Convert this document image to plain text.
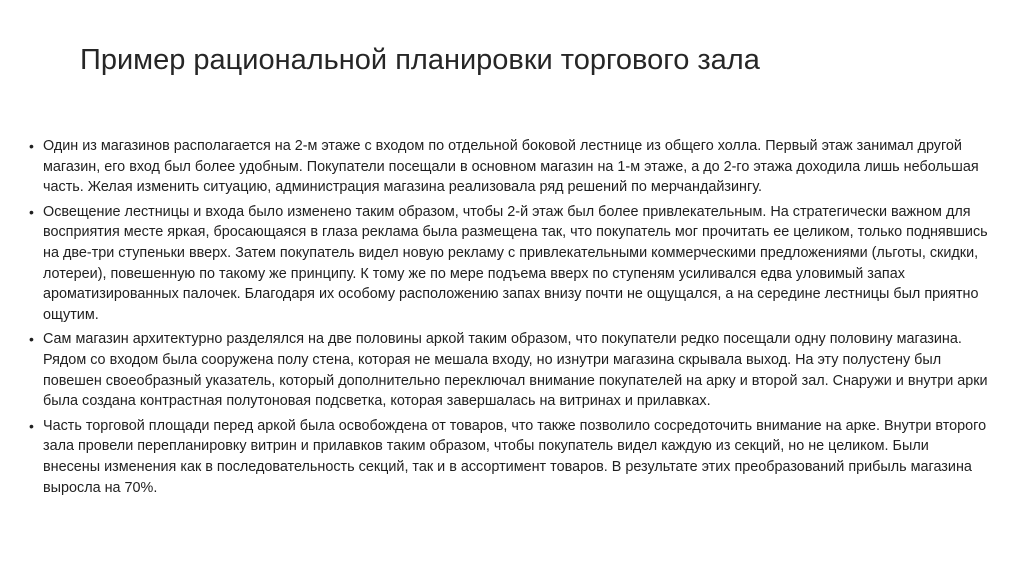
Пример рациональной планировки торгового зала
• Один из магазинов располагается на 2-м этаже с входом по отдельной боковой лестнице из общего холла. Первый этаж занимал другой магазин, его вход был более удобным. Покупатели посещали в основном магазин на 1-м этаже, а до 2-го этажа доходила лишь небольшая часть. Желая изменить ситуацию, администрация магазина реализовала ряд решений по мерчандайзингу.
• Освещение лестницы и входа было изменено таким образом, чтобы 2-й этаж был более привлекательным. На стратегически важном для восприятия месте яркая, бросающаяся в глаза реклама была размещена так, что покупатель мог прочитать ее целиком, только поднявшись на две-три ступеньки вверх. Затем покупатель видел новую рекламу с привлекательными коммерческими предложениями (льготы, скидки, лотереи), повешенную по такому же принципу. К тому же по мере подъема вверх по ступеням усиливался едва уловимый запах ароматизированных палочек. Благодаря их особому расположению запах внизу почти не ощущался, а на середине лестницы был приятно ощутим.
• Сам магазин архитектурно разделялся на две половины аркой таким образом, что покупатели редко посещали одну половину магазина. Рядом со входом была сооружена полу стена, которая не мешала входу, но изнутри магазина скрывала выход. На эту полустену был повешен своеобразный указатель, который дополнительно переключал внимание покупателей на арку и второй зал. Снаружи и внутри арки была создана контрастная полутоновая подсветка, которая завершалась на витринах и прилавках.
• Часть торговой площади перед аркой была освобождена от товаров, что также позволило сосредоточить внимание на арке. Внутри второго зала провели перепланировку витрин и прилавков таким образом, чтобы покупатель видел каждую из секций, но не целиком. Были внесены изменения как в последовательность секций, так и в ассортимент товаров. В результате этих преобразований прибыль магазина выросла на 70%.
